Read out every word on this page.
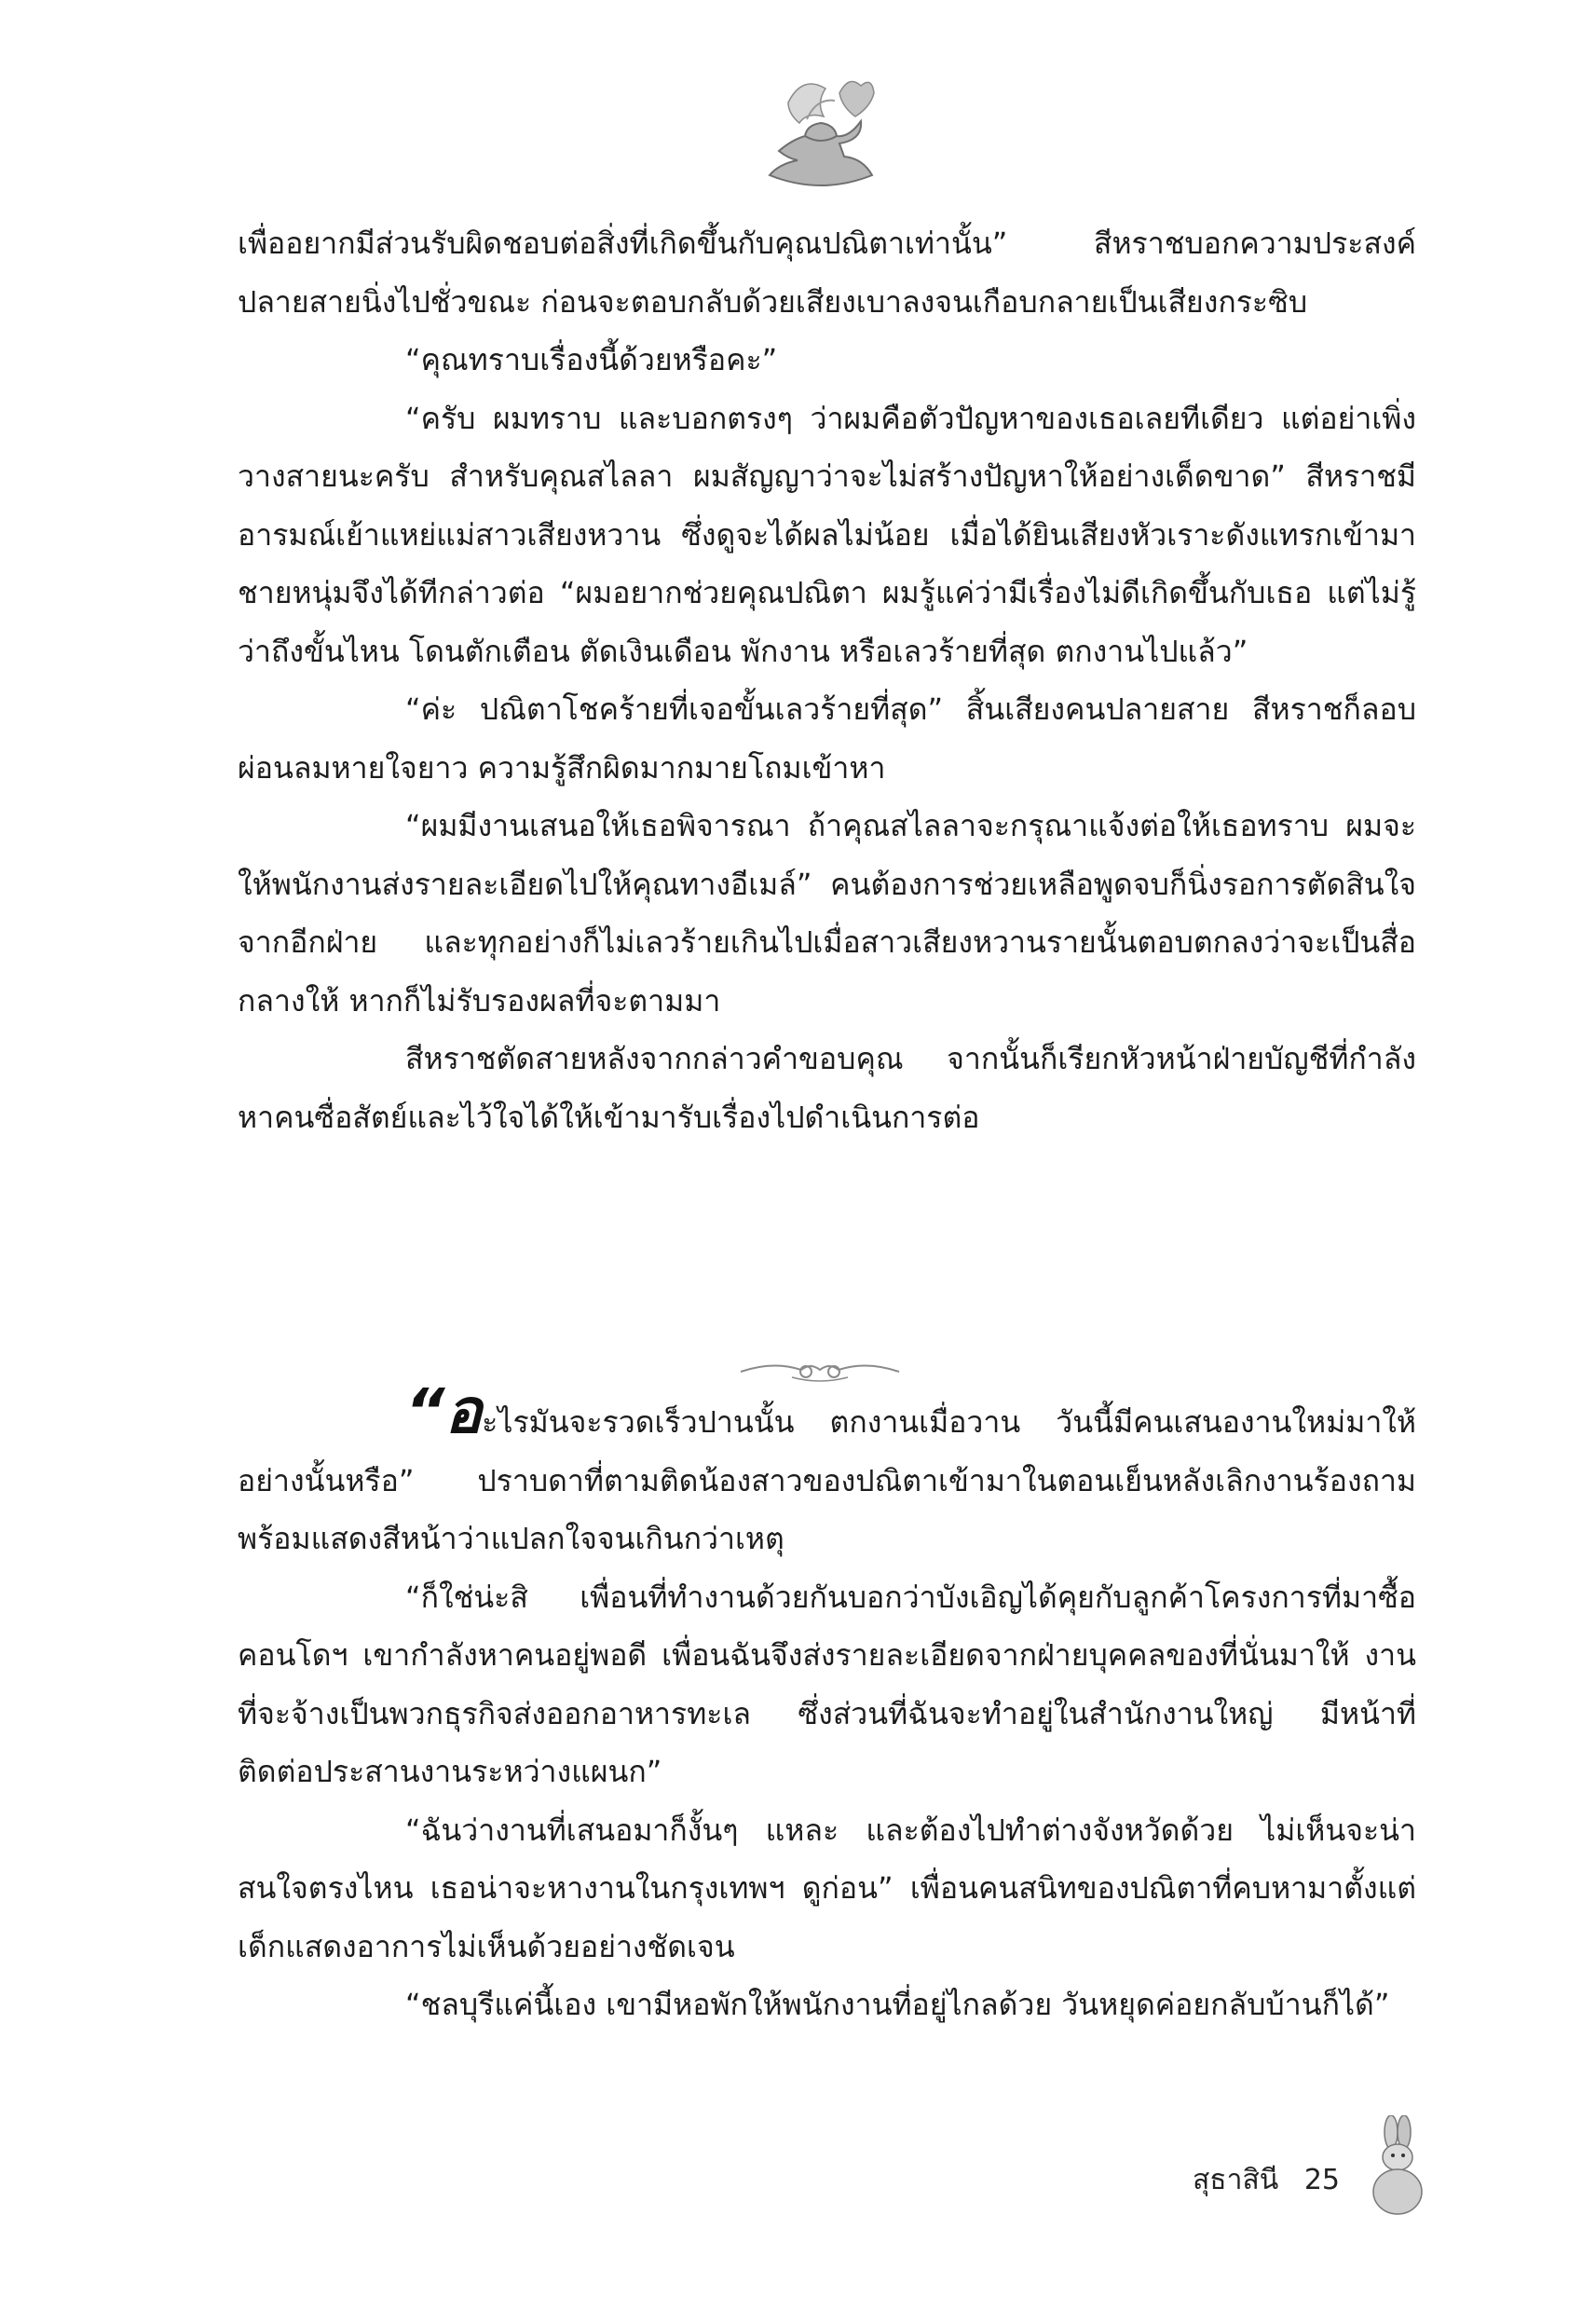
เพื่ออยากมีส่วนรับผิดชอบต่อสิ่งที่เกิดขึ้นกับคุณปณิตาเท่านั้น” สีหราชบอกความประสงค์ ปลายสายนิ่งไปชั่วขณะ ก่อนจะตอบกลับด้วยเสียงเบาลงจนเกือบกลายเป็นเสียงกระซิบ

“คุณทราบเรื่องนี้ด้วยหรือคะ”

“ครับ ผมทราบ และบอกตรงๆ ว่าผมคือตัวปัญหาของเธอเลยทีเดียว แต่อย่าเพิ่งวางสายนะครับ สำหรับคุณสไลลา ผมสัญญาว่าจะไม่สร้างปัญหาให้อย่างเด็ดขาด” สีหราชมีอารมณ์เย้าแหย่แม่สาวเสียงหวาน ซึ่งดูจะได้ผลไม่น้อย เมื่อได้ยินเสียงหัวเราะดังแทรกเข้ามา ชายหนุ่มจึงได้ทีกล่าวต่อ “ผมอยากช่วยคุณปณิตา ผมรู้แค่ว่ามีเรื่องไม่ดีเกิดขึ้นกับเธอ แต่ไม่รู้ว่าถึงขั้นไหน โดนตักเตือน ตัดเงินเดือน พักงาน หรือเลวร้ายที่สุด ตกงานไปแล้ว”

“ค่ะ ปณิตาโชคร้ายที่เจอขั้นเลวร้ายที่สุด” สิ้นเสียงคนปลายสาย สีหราชก็ลอบผ่อนลมหายใจยาว ความรู้สึกผิดมากมายโถมเข้าหา

“ผมมีงานเสนอให้เธอพิจารณา ถ้าคุณสไลลาจะกรุณาแจ้งต่อให้เธอทราบ ผมจะให้พนักงานส่งรายละเอียดไปให้คุณทางอีเมล์” คนต้องการช่วยเหลือพูดจบก็นิ่งรอการตัดสินใจจากอีกฝ่าย และทุกอย่างก็ไม่เลวร้ายเกินไปเมื่อสาวเสียงหวานรายนั้นตอบตกลงว่าจะเป็นสื่อกลางให้ หากก็ไม่รับรองผลที่จะตามมา

สีหราชตัดสายหลังจากกล่าวคำขอบคุณ จากนั้นก็เรียกหัวหน้าฝ่ายบัญชีที่กำลังหาคนซื่อสัตย์และไว้ใจได้ให้เข้ามารับเรื่องไปดำเนินการต่อ

“อะไรมันจะรวดเร็วปานนั้น ตกงานเมื่อวาน วันนี้มีคนเสนองานใหม่มาให้อย่างนั้นหรือ” ปราบดาที่ตามติดน้องสาวของปณิตาเข้ามาในตอนเย็นหลังเลิกงานร้องถาม พร้อมแสดงสีหน้าว่าแปลกใจจนเกินกว่าเหตุ

“ก็ใช่น่ะสิ เพื่อนที่ทำงานด้วยกันบอกว่าบังเอิญได้คุยกับลูกค้าโครงการที่มาซื้อคอนโดฯ เขากำลังหาคนอยู่พอดี เพื่อนฉันจึงส่งรายละเอียดจากฝ่ายบุคคลของที่นั่นมาให้ งานที่จะจ้างเป็นพวกธุรกิจส่งออกอาหารทะเล ซึ่งส่วนที่ฉันจะทำอยู่ในสำนักงานใหญ่ มีหน้าที่ติดต่อประสานงานระหว่างแผนก”

“ฉันว่างานที่เสนอมาก็งั้นๆ แหละ และต้องไปทำต่างจังหวัดด้วย ไม่เห็นจะน่าสนใจตรงไหน เธอน่าจะหางานในกรุงเทพฯ ดูก่อน” เพื่อนคนสนิทของปณิตาที่คบหามาตั้งแต่เด็กแสดงอาการไม่เห็นด้วยอย่างชัดเจน

“ชลบุรีแค่นี้เอง เขามีหอพักให้พนักงานที่อยู่ไกลด้วย วันหยุดค่อยกลับบ้านก็ได้”

สุธาสินี 25
